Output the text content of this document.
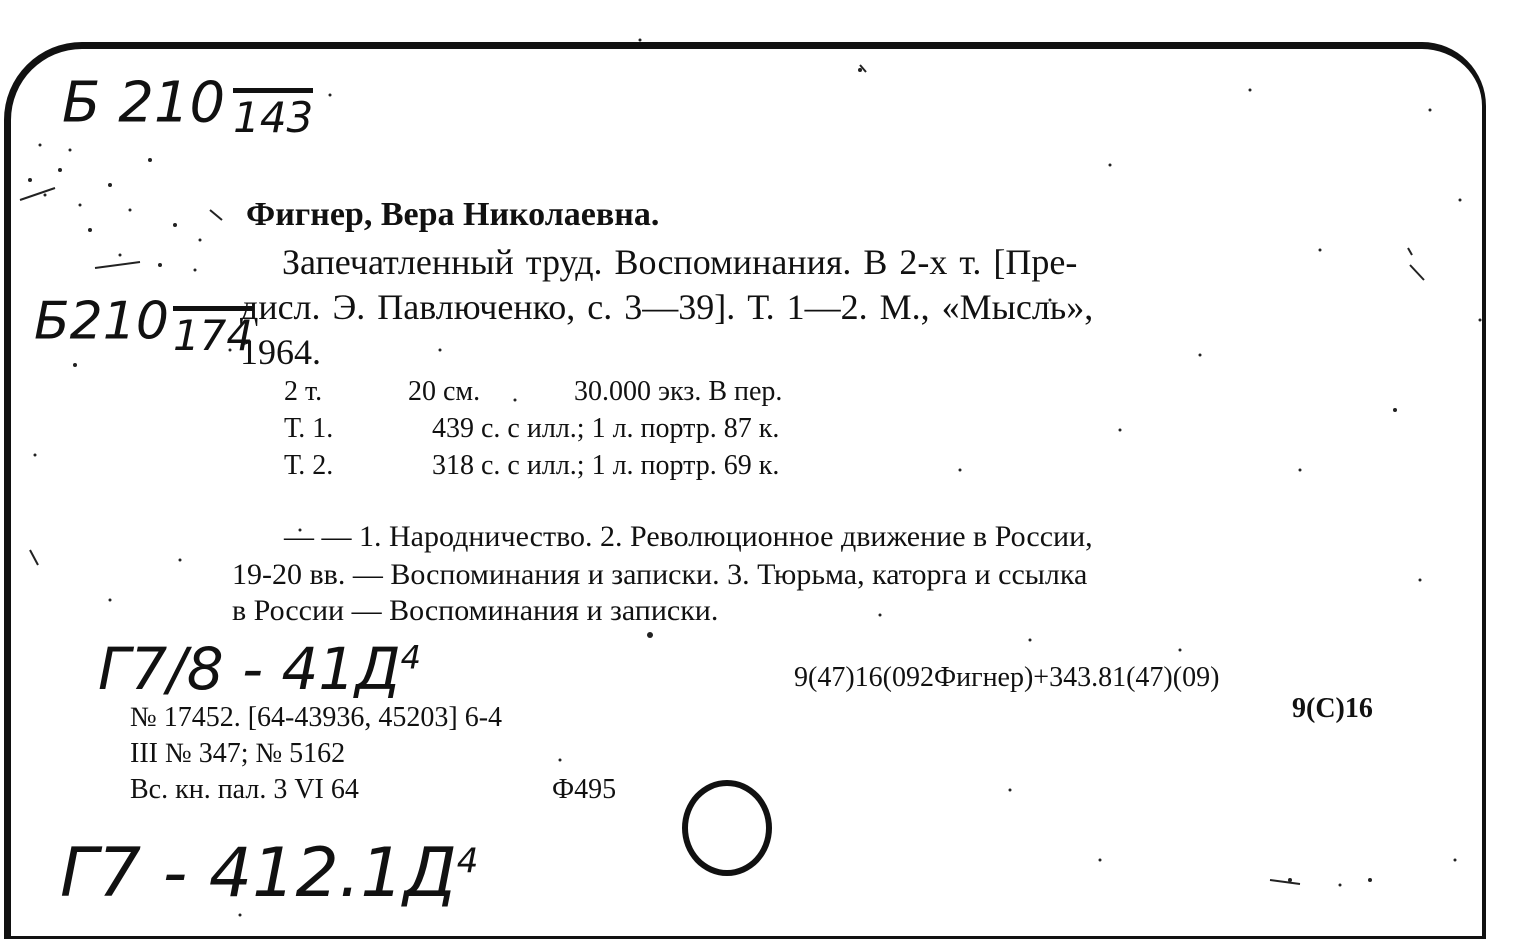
Б 210 143
Б210 174
Фигнер, Вера Николаевна.
Запечатленный труд. Воспоминания. В 2-х т. [Пре-
дисл. Э. Павлюченко, с. 3—39]. Т. 1—2. М., «Мысль»,
1964.
2 т.	20 см.	30.000 экз. В пер.
Т. 1.	439 с. с илл.; 1 л. портр. 87 к.
Т. 2.	318 с. с илл.; 1 л. портр. 69 к.
— — 1. Народничество. 2. Революционное движение в России,
19-20 вв. — Воспоминания и записки. 3. Тюрьма, каторга и ссылка
в России — Воспоминания и записки.
$Г7/8 - 41Д^4$
9(47)16(092Фигнер)+343.81(47)(09)
9(С)16
№ 17452. [64-43936, 45203] 6-4
III № 347; № 5162
Вс. кн. пал. 3 VI 64	Ф495
$Г7 - 412.1Д^4$
